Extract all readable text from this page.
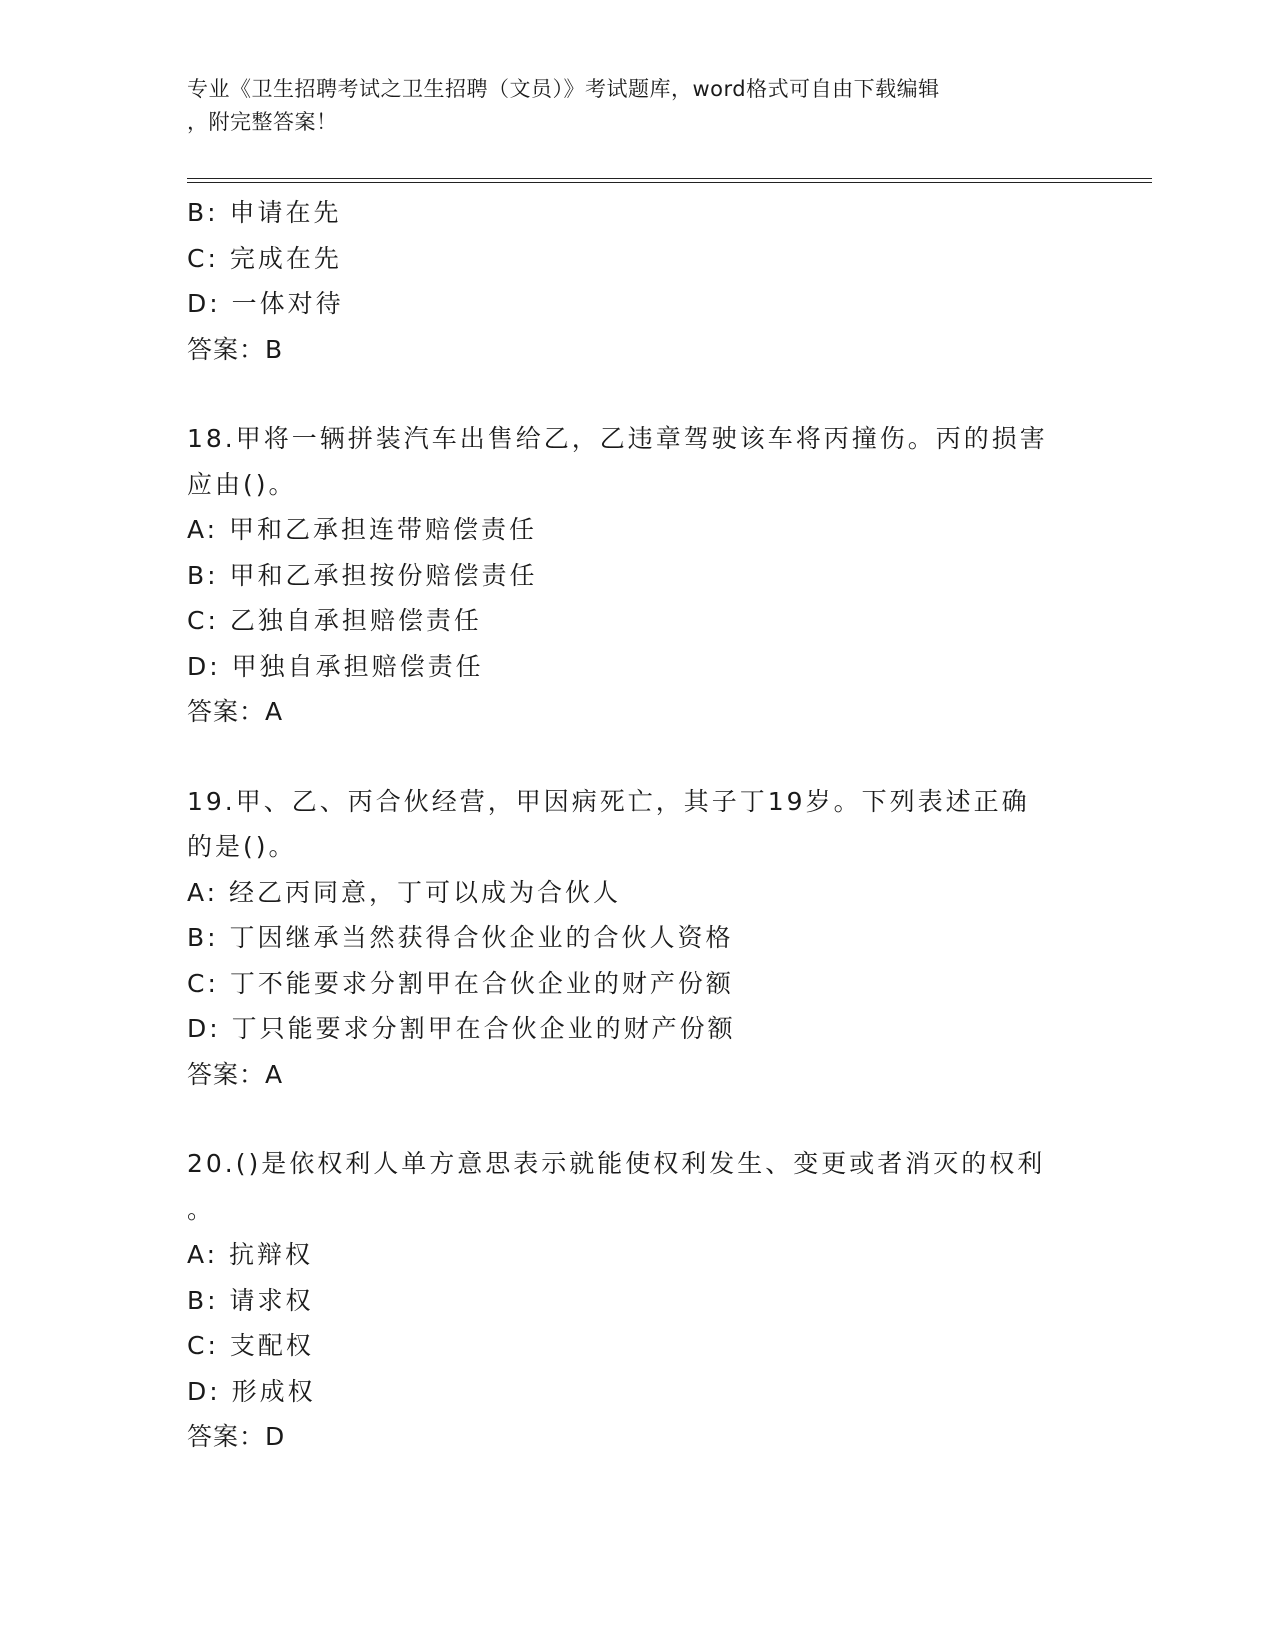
专业《卫生招聘考试之卫生招聘（文员）》考试题库，word格式可自由下载编辑
，附完整答案！
B: 申请在先
C: 完成在先
D: 一体对待
答案：B
18.甲将一辆拼装汽车出售给乙，乙违章驾驶该车将丙撞伤。丙的损害
应由()。
A: 甲和乙承担连带赔偿责任
B: 甲和乙承担按份赔偿责任
C: 乙独自承担赔偿责任
D: 甲独自承担赔偿责任
答案：A
19.甲、乙、丙合伙经营，甲因病死亡，其子丁19岁。下列表述正确
的是()。
A: 经乙丙同意，丁可以成为合伙人
B: 丁因继承当然获得合伙企业的合伙人资格
C: 丁不能要求分割甲在合伙企业的财产份额
D: 丁只能要求分割甲在合伙企业的财产份额
答案：A
20.()是依权利人单方意思表示就能使权利发生、变更或者消灭的权利
。
A: 抗辩权
B: 请求权
C: 支配权
D: 形成权
答案：D
